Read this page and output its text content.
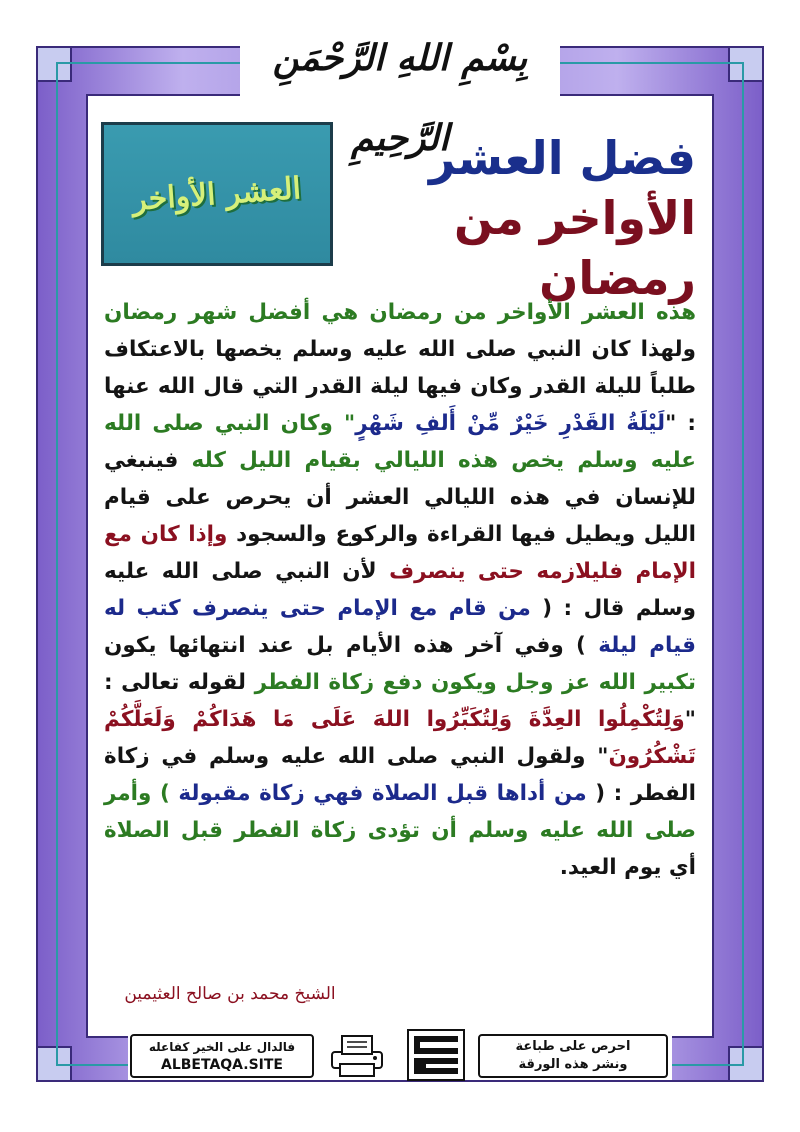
بِسْمِ اللهِ الرَّحْمَنِ الرَّحِيمِ
العشر الأواخر
فضل العشر
الأواخر من رمضان
هذه العشر الأواخر من رمضان هي أفضل شهر رمضان ولهذا كان النبي صلى الله عليه وسلم يخصها بالاعتكاف طلباً لليلة القدر وكان فيها ليلة القدر التي قال الله عنها : "لَيْلَةُ القَدْرِ خَيْرٌ مِّنْ أَلفِ شَهْرٍ" وكان النبي صلى الله عليه وسلم يخص هذه الليالي بقيام الليل كله فينبغي للإنسان في هذه الليالي العشر أن يحرص على قيام الليل ويطيل فيها القراءة والركوع والسجود وإذا كان مع الإمام فليلازمه حتى ينصرف لأن النبي صلى الله عليه وسلم قال : ( من قام مع الإمام حتى ينصرف كتب له قيام ليلة ) وفي آخر هذه الأيام بل عند انتهائها يكون تكبير الله عز وجل ويكون دفع زكاة الفطر لقوله تعالى : "وَلِتُكْمِلُوا العِدَّةَ وَلِتُكَبِّرُوا اللهَ عَلَى مَا هَدَاكُمْ وَلَعَلَّكُمْ تَشْكُرُونَ" ولقول النبي صلى الله عليه وسلم في زكاة الفطر : ( من أداها قبل الصلاة فهي زكاة مقبولة ) وأمر صلى الله عليه وسلم أن تؤدى زكاة الفطر قبل الصلاة أي يوم العيد.
الشيخ محمد بن صالح العثيمين
فالدال على الخير كفاعله
ALBETAQA.SITE
احرص على طباعة
ونشر هذه الورقة
